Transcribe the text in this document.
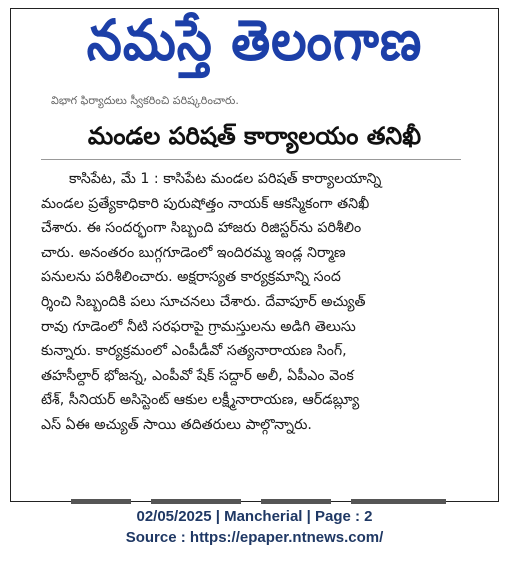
నమస్తే తెలంగాణ
విభాగ ఫిర్యాదులు స్వీకరించి పరిష్కరించారు.
మండల పరిషత్ కార్యాలయం తనిఖీ
కాసిపేట, మే 1 : కాసిపేట మండల పరిషత్ కార్యాలయాన్ని
మండల ప్రత్యేకాధికారి పురుషోత్తం నాయక్ ఆకస్మికంగా తనిఖీ
చేశారు. ఈ సందర్భంగా సిబ్బంది హాజరు రిజిస్టర్‌ను పరిశీలిం
చారు. అనంతరం బుగ్గగూడెంలో ఇందిరమ్మ ఇండ్ల నిర్మాణ
పనులను పరిశీలించారు. అక్షరాస్యత కార్యక్రమాన్ని సంద
ర్శించి సిబ్బందికి పలు సూచనలు చేశారు. దేవాపూర్ అచ్యుత్
రావు గూడెంలో నీటి సరఫరాపై గ్రామస్తులను అడిగి తెలుసు
కున్నారు. కార్యక్రమంలో ఎంపీడీవో సత్యనారాయణ సింగ్,
తహసీల్దార్ భోజన్న, ఎంపీవో షేక్ సద్దార్ అలీ, ఏపీఎం వెంక
టేశ్, సీనియర్ అసిస్టెంట్ ఆకుల లక్ష్మీనారాయణ, ఆర్‌డబ్ల్యూ
ఎస్ ఏఈ అచ్యుత్ సాయి తదితరులు పాల్గొన్నారు.
02/05/2025 | Mancherial | Page : 2
Source : https://epaper.ntnews.com/
